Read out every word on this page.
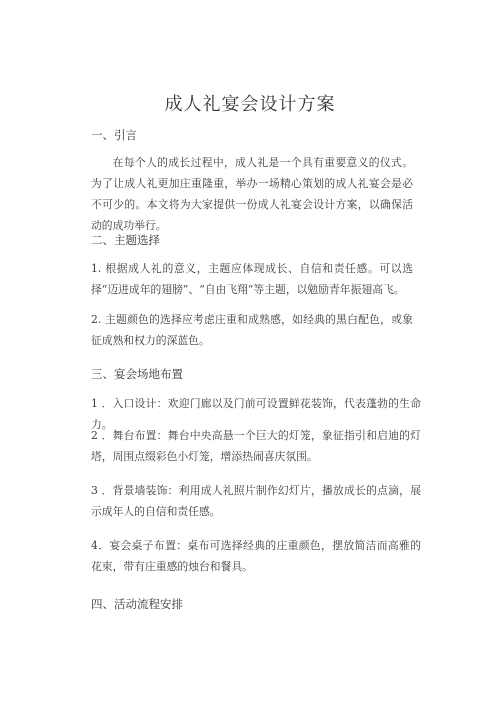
成人礼宴会设计方案
一、引言
在每个人的成长过程中，成人礼是一个具有重要意义的仪式。为了让成人礼更加庄重隆重，举办一场精心策划的成人礼宴会是必不可少的。本文将为大家提供一份成人礼宴会设计方案，以确保活动的成功举行。
二、主题选择
1. 根据成人礼的意义，主题应体现成长、自信和责任感。可以选择“迈进成年的翅膀”、“自由飞翔”等主题，以勉励青年振翅高飞。
2. 主题颜色的选择应考虑庄重和成熟感，如经典的黑白配色，或象征成熟和权力的深蓝色。
三、宴会场地布置
1 ．入口设计：欢迎门廊以及门前可设置鲜花装饰，代表蓬勃的生命力。
2 ．舞台布置：舞台中央高悬一个巨大的灯笼，象征指引和启迪的灯塔，周围点缀彩色小灯笼，增添热闹喜庆氛围。
3 ．背景墙装饰：利用成人礼照片制作幻灯片，播放成长的点滴，展示成年人的自信和责任感。
4．宴会桌子布置：桌布可选择经典的庄重颜色，摆放简洁而高雅的花束，带有庄重感的烛台和餐具。
四、活动流程安排
